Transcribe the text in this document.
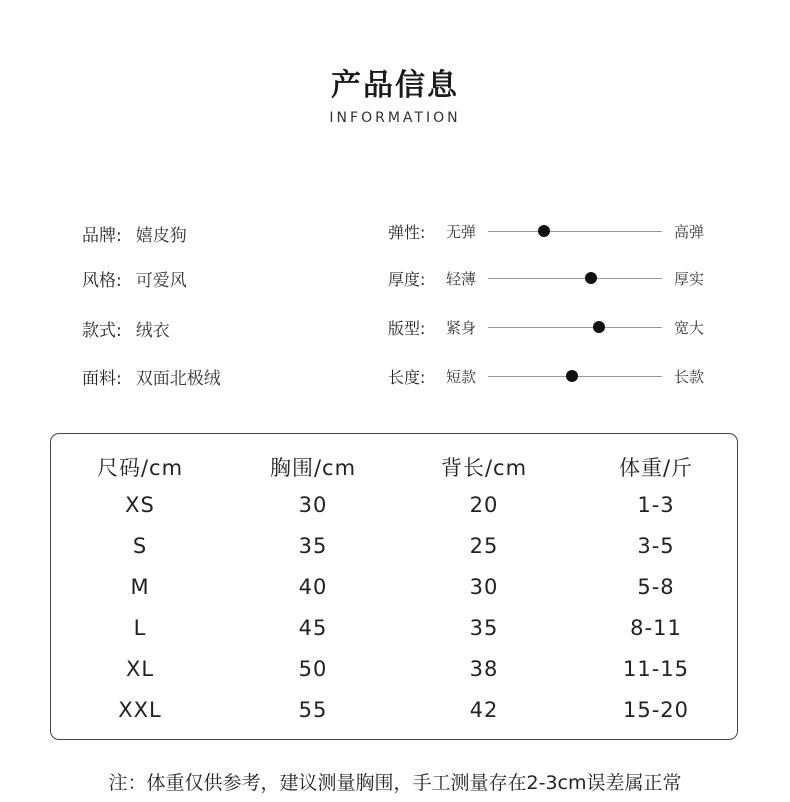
产品信息
INFORMATION
品牌: 嬉皮狗
风格: 可爱风
款式: 绒衣
面料: 双面北极绒
弹性: 无弹	高弹
厚度: 轻薄	厚实
版型: 紧身	宽大
长度: 短款	长款
尺码/cm	胸围/cm	背长/cm	体重/斤
XS	30	20	1-3
S	35	25	3-5
M	40	30	5-8
L	45	35	8-11
XL	50	38	11-15
XXL	55	42	15-20
注：体重仅供参考，建议测量胸围，手工测量存在2-3cm误差属正常
